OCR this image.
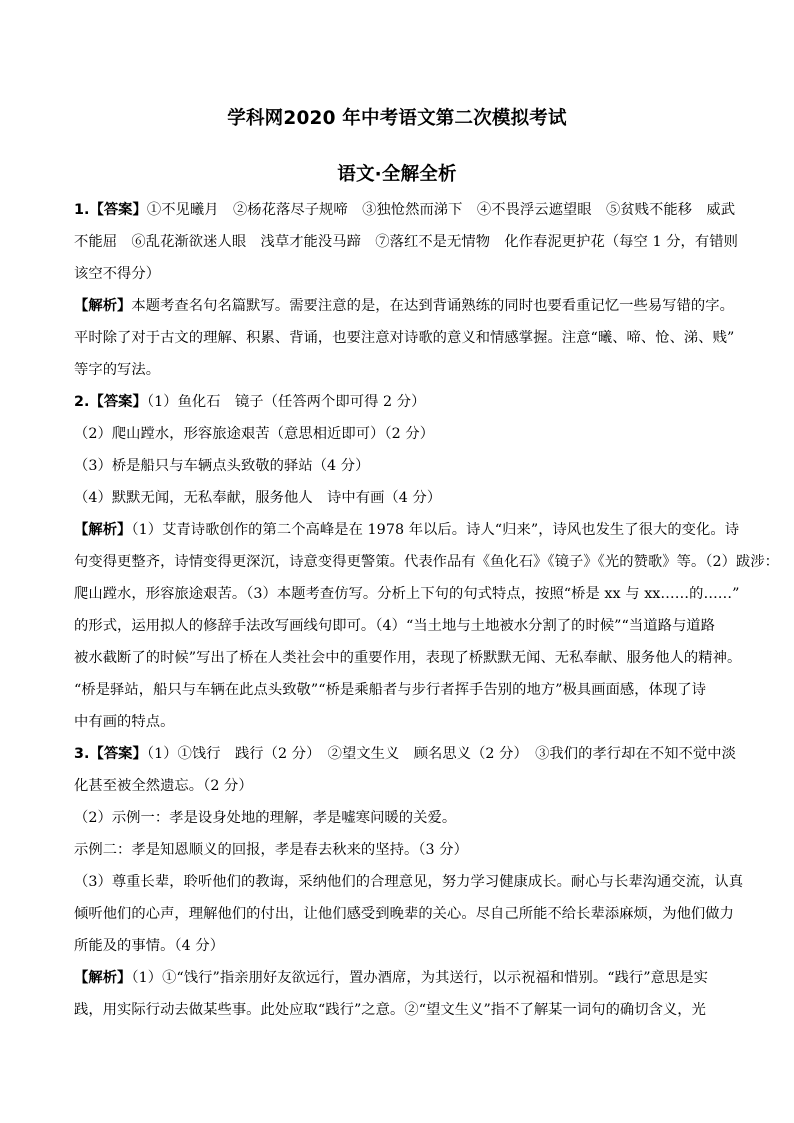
学科网2020 年中考语文第二次模拟考试
语文·全解全析
1.【答案】①不见曦月　②杨花落尽子规啼　③独怆然而涕下　④不畏浮云遮望眼　⑤贫贱不能移　威武
不能屈　⑥乱花渐欲迷人眼　浅草才能没马蹄　⑦落红不是无情物　化作春泥更护花（每空 1 分，有错则
该空不得分）
【解析】本题考查名句名篇默写。需要注意的是，在达到背诵熟练的同时也要看重记忆一些易写错的字。
平时除了对于古文的理解、积累、背诵，也要注意对诗歌的意义和情感掌握。注意“曦、啼、怆、涕、贱”
等字的写法。
2.【答案】（1）鱼化石　镜子（任答两个即可得 2 分）
（2）爬山蹚水，形容旅途艰苦（意思相近即可）（2 分）
（3）桥是船只与车辆点头致敬的驿站（4 分）
（4）默默无闻，无私奉献，服务他人　诗中有画（4 分）
【解析】（1）艾青诗歌创作的第二个高峰是在 1978 年以后。诗人“归来”，诗风也发生了很大的变化。诗
句变得更整齐，诗情变得更深沉，诗意变得更警策。代表作品有《鱼化石》《镜子》《光的赞歌》等。（2）跋涉：
爬山蹚水，形容旅途艰苦。（3）本题考查仿写。分析上下句的句式特点，按照“桥是 xx 与 xx……的……”
的形式，运用拟人的修辞手法改写画线句即可。（4）“当土地与土地被水分割了的时候”“当道路与道路
被水截断了的时候”写出了桥在人类社会中的重要作用，表现了桥默默无闻、无私奉献、服务他人的精神。
“桥是驿站，船只与车辆在此点头致敬”“桥是乘船者与步行者挥手告别的地方”极具画面感，体现了诗
中有画的特点。
3.【答案】（1）①饯行　践行（2 分）　②望文生义　顾名思义（2 分）　③我们的孝行却在不知不觉中淡
化甚至被全然遗忘。（2 分）
（2）示例一：孝是设身处地的理解，孝是嘘寒问暖的关爱。
示例二：孝是知恩顺义的回报，孝是春去秋来的坚持。（3 分）
（3）尊重长辈，聆听他们的教诲，采纳他们的合理意见，努力学习健康成长。耐心与长辈沟通交流，认真
倾听他们的心声，理解他们的付出，让他们感受到晚辈的关心。尽自己所能不给长辈添麻烦，为他们做力
所能及的事情。（4 分）
【解析】（1）①“饯行”指亲朋好友欲远行，置办酒席，为其送行，以示祝福和惜别。“践行”意思是实
践，用实际行动去做某些事。此处应取“践行”之意。②“望文生义”指不了解某一词句的确切含义，光
